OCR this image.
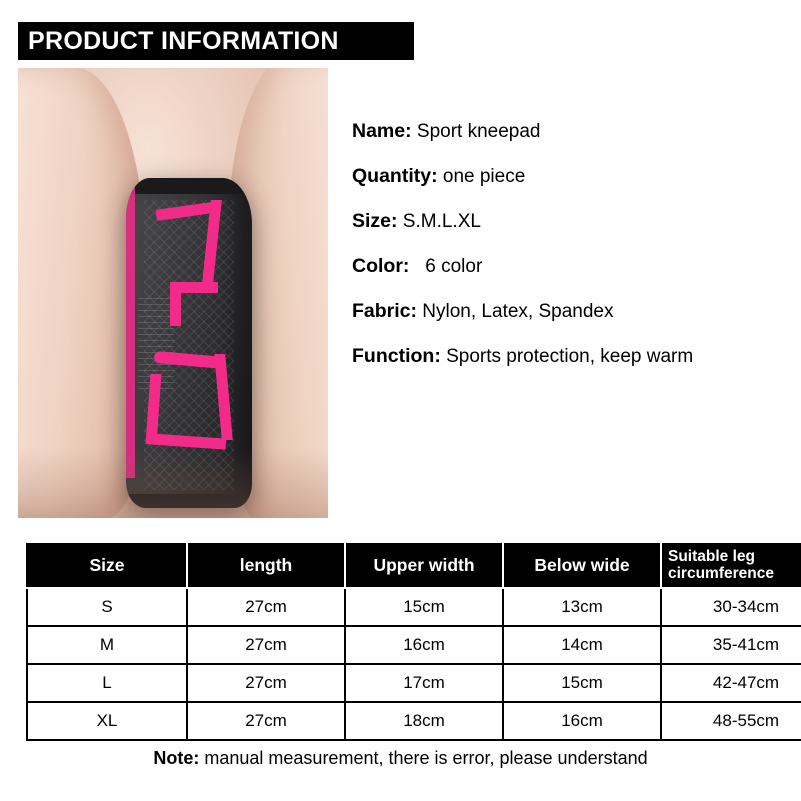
PRODUCT INFORMATION
Name: Sport kneepad
Quantity: one piece
Size: S.M.L.XL
Color: 6 color
Fabric: Nylon, Latex, Spandex
Function: Sports protection, keep warm
Size	length	Upper width	Below wide	Suitable leg circumference
S	27cm	15cm	13cm	30-34cm
M	27cm	16cm	14cm	35-41cm
L	27cm	17cm	15cm	42-47cm
XL	27cm	18cm	16cm	48-55cm
Note: manual measurement, there is error, please understand
